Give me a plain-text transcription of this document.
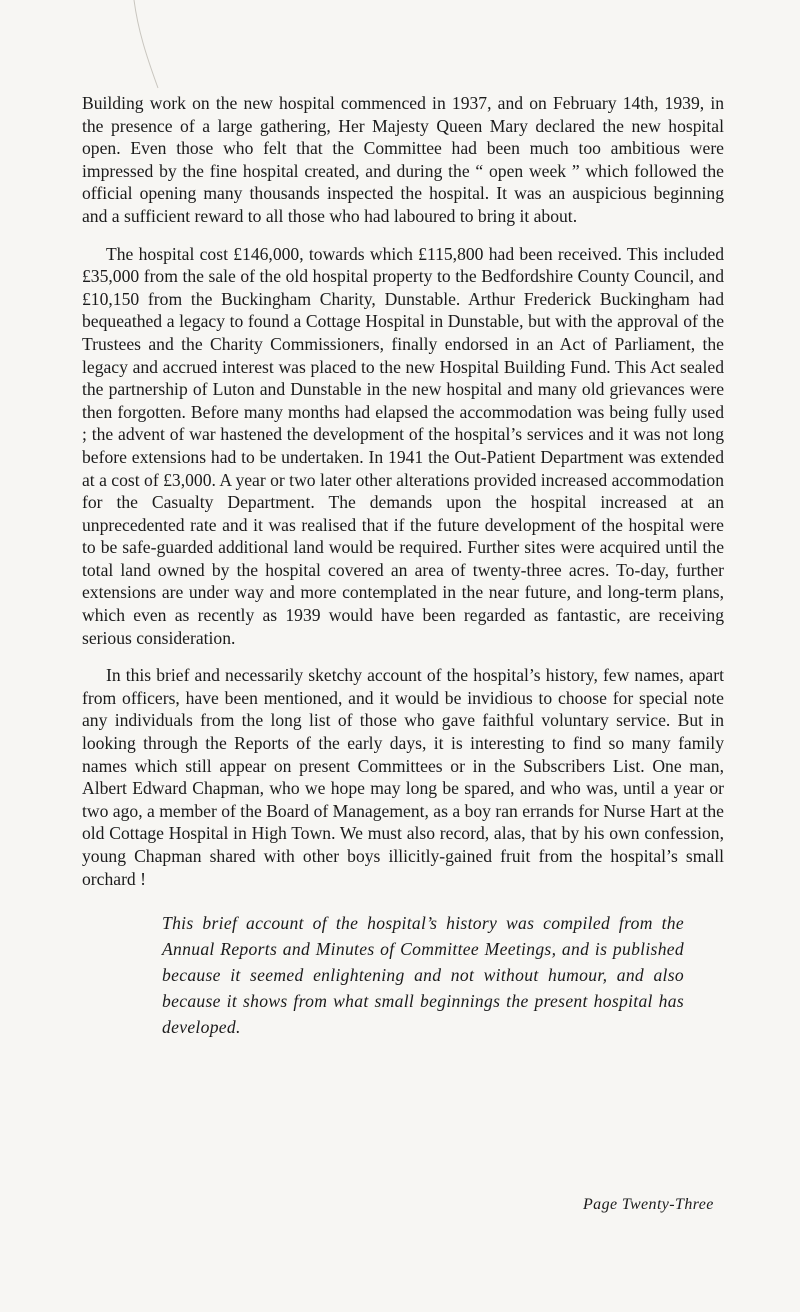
Building work on the new hospital commenced in 1937, and on February 14th, 1939, in the presence of a large gathering, Her Majesty Queen Mary declared the new hospital open. Even those who felt that the Committee had been much too ambitious were impressed by the fine hospital created, and during the “ open week ” which followed the official opening many thousands inspected the hospital. It was an auspicious beginning and a sufficient reward to all those who had laboured to bring it about.

The hospital cost £146,000, towards which £115,800 had been received. This included £35,000 from the sale of the old hospital property to the Bedfordshire County Council, and £10,150 from the Buckingham Charity, Dunstable. Arthur Frederick Buckingham had bequeathed a legacy to found a Cottage Hospital in Dunstable, but with the approval of the Trustees and the Charity Commissioners, finally endorsed in an Act of Parliament, the legacy and accrued interest was placed to the new Hospital Building Fund. This Act sealed the partnership of Luton and Dunstable in the new hospital and many old grievances were then forgotten. Before many months had elapsed the accommodation was being fully used ; the advent of war hastened the development of the hospital’s services and it was not long before extensions had to be undertaken. In 1941 the Out-Patient Department was extended at a cost of £3,000. A year or two later other alterations provided increased accommodation for the Casualty Department. The demands upon the hospital increased at an unprecedented rate and it was realised that if the future development of the hospital were to be safe-guarded additional land would be required. Further sites were acquired until the total land owned by the hospital covered an area of twenty-three acres. To-day, further extensions are under way and more contemplated in the near future, and long-term plans, which even as recently as 1939 would have been regarded as fantastic, are receiving serious consideration.

In this brief and necessarily sketchy account of the hospital’s history, few names, apart from officers, have been mentioned, and it would be invidious to choose for special note any individuals from the long list of those who gave faithful voluntary service. But in looking through the Reports of the early days, it is interesting to find so many family names which still appear on present Committees or in the Subscribers List. One man, Albert Edward Chapman, who we hope may long be spared, and who was, until a year or two ago, a member of the Board of Management, as a boy ran errands for Nurse Hart at the old Cottage Hospital in High Town. We must also record, alas, that by his own confession, young Chapman shared with other boys illicitly-gained fruit from the hospital’s small orchard !

This brief account of the hospital’s history was compiled from the Annual Reports and Minutes of Committee Meetings, and is published because it seemed enlightening and not without humour, and also because it shows from what small beginnings the present hospital has developed.

Page Twenty-Three
